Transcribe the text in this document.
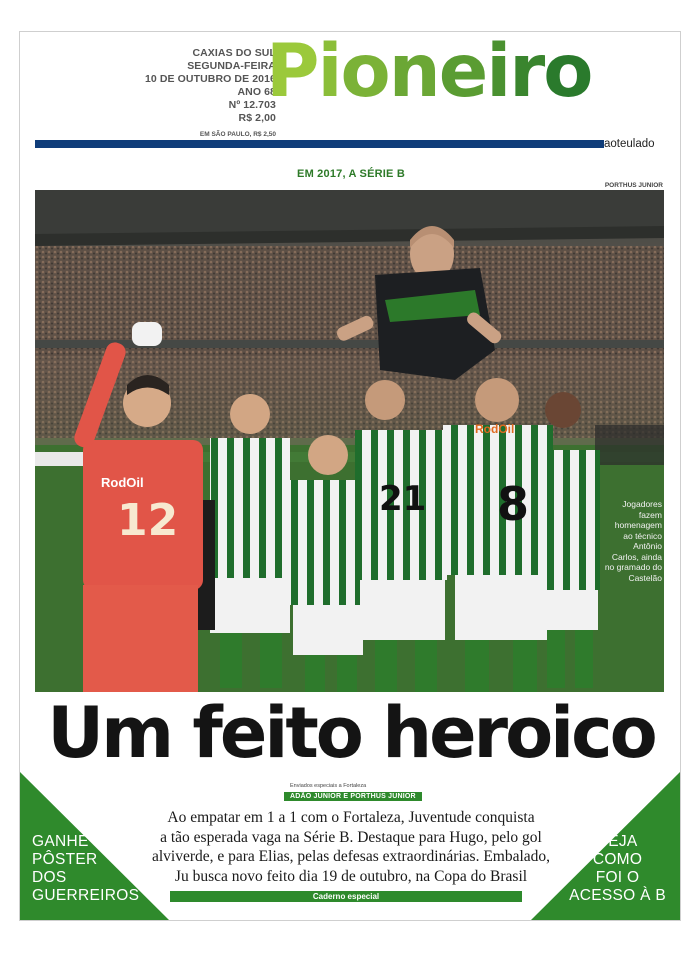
CAXIAS DO SUL
SEGUNDA-FEIRA
10 DE OUTUBRO DE 2016
ANO 68
Nº 12.703
R$ 2,00
EM SÃO PAULO, R$ 2,50
Pioneiro
aoteulado
EM 2017, A SÉRIE B
PORTHUS JUNIOR
12	21 8
RodOil
RodOil
Jogadores fazem homenagem ao técnico Antônio Carlos, ainda no gramado do Castelão
Um feito heroico
Enviados especiais a Fortaleza
ADÃO JUNIOR E PORTHUS JUNIOR
Ao empatar em 1 a 1 com o Fortaleza, Juventude conquista
a tão esperada vaga na Série B. Destaque para Hugo, pelo gol
alviverde, e para Elias, pelas defesas extraordinárias. Embalado,
Ju busca novo feito dia 19 de outubro, na Copa do Brasil
Caderno especial
GANHE
PÔSTER
DOS
GUERREIROS
VEJA
COMO
FOI O
ACESSO À B
